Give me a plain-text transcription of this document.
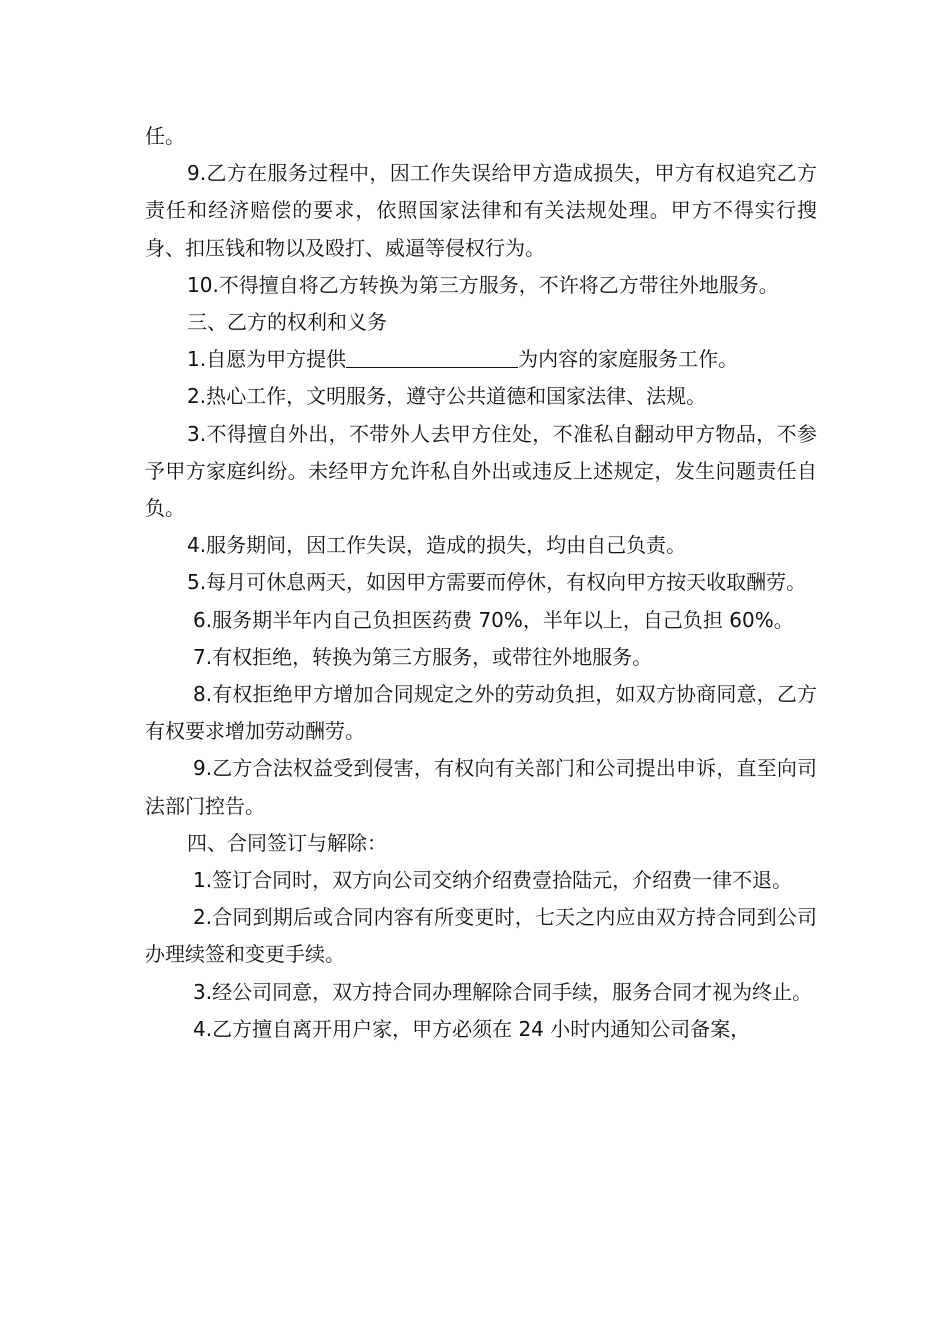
任。

9.乙方在服务过程中，因工作失误给甲方造成损失，甲方有权追究乙方责任和经济赔偿的要求，依照国家法律和有关法规处理。甲方不得实行搜身、扣压钱和物以及殴打、威逼等侵权行为。

10.不得擅自将乙方转换为第三方服务，不许将乙方带往外地服务。

三、乙方的权利和义务

1.自愿为甲方提供	为内容的家庭服务工作。

2.热心工作，文明服务，遵守公共道德和国家法律、法规。

3.不得擅自外出，不带外人去甲方住处，不准私自翻动甲方物品，不参予甲方家庭纠纷。未经甲方允许私自外出或违反上述规定，发生问题责任自负。

4.服务期间，因工作失误，造成的损失，均由自己负责。

5.每月可休息两天，如因甲方需要而停休，有权向甲方按天收取酬劳。

6.服务期半年内自己负担医药费 70%，半年以上，自己负担 60%。

7.有权拒绝，转换为第三方服务，或带往外地服务。

8.有权拒绝甲方增加合同规定之外的劳动负担，如双方协商同意，乙方有权要求增加劳动酬劳。

9.乙方合法权益受到侵害，有权向有关部门和公司提出申诉，直至向司法部门控告。

四、合同签订与解除：

1.签订合同时，双方向公司交纳介绍费壹拾陆元，介绍费一律不退。

2.合同到期后或合同内容有所变更时，七天之内应由双方持合同到公司办理续签和变更手续。

3.经公司同意，双方持合同办理解除合同手续，服务合同才视为终止。

4.乙方擅自离开用户家，甲方必须在 24 小时内通知公司备案，
